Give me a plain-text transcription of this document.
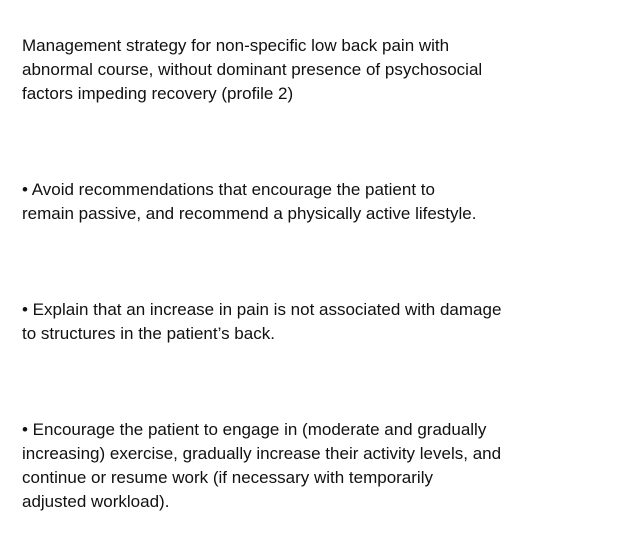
Management strategy for non-specific low back pain with
abnormal course, without dominant presence of psychosocial
factors impeding recovery (profile 2)

• Avoid recommendations that encourage the patient to
remain passive, and recommend a physically active lifestyle.

• Explain that an increase in pain is not associated with damage
to structures in the patient’s back.

• Encourage the patient to engage in (moderate and gradually
increasing) exercise, gradually increase their activity levels, and
continue or resume work (if necessary with temporarily
adjusted workload).
